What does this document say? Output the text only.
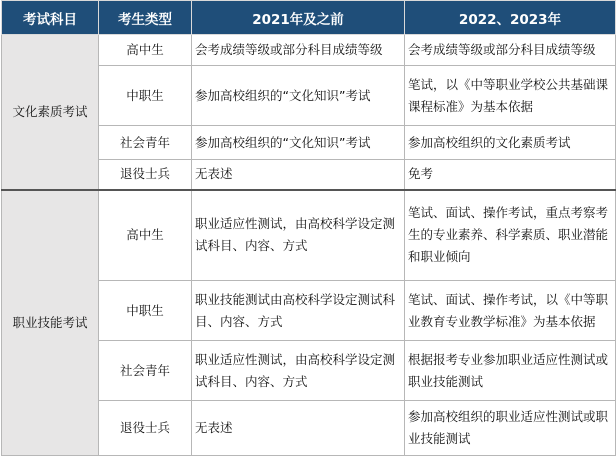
考试科目	考生类型	2021年及之前	2022、2023年
文化素质考试	高中生	会考成绩等级或部分科目成绩等级	会考成绩等级或部分科目成绩等级
	中职生	参加高校组织的“文化知识”考试	笔试，以《中等职业学校公共基础课课程标准》为基本依据
	社会青年	参加高校组织的“文化知识”考试	参加高校组织的文化素质考试
	退役士兵	无表述	免考
职业技能考试	高中生	职业适应性测试，由高校科学设定测试科目、内容、方式	笔试、面试、操作考试，重点考察考生的专业素养、科学素质、职业潜能和职业倾向
	中职生	职业技能测试由高校科学设定测试科目、内容、方式	笔试、面试、操作考试，以《中等职业教育专业教学标准》为基本依据
	社会青年	职业适应性测试，由高校科学设定测试科目、内容、方式	根据报考专业参加职业适应性测试或职业技能测试
	退役士兵	无表述	参加高校组织的职业适应性测试或职业技能测试
